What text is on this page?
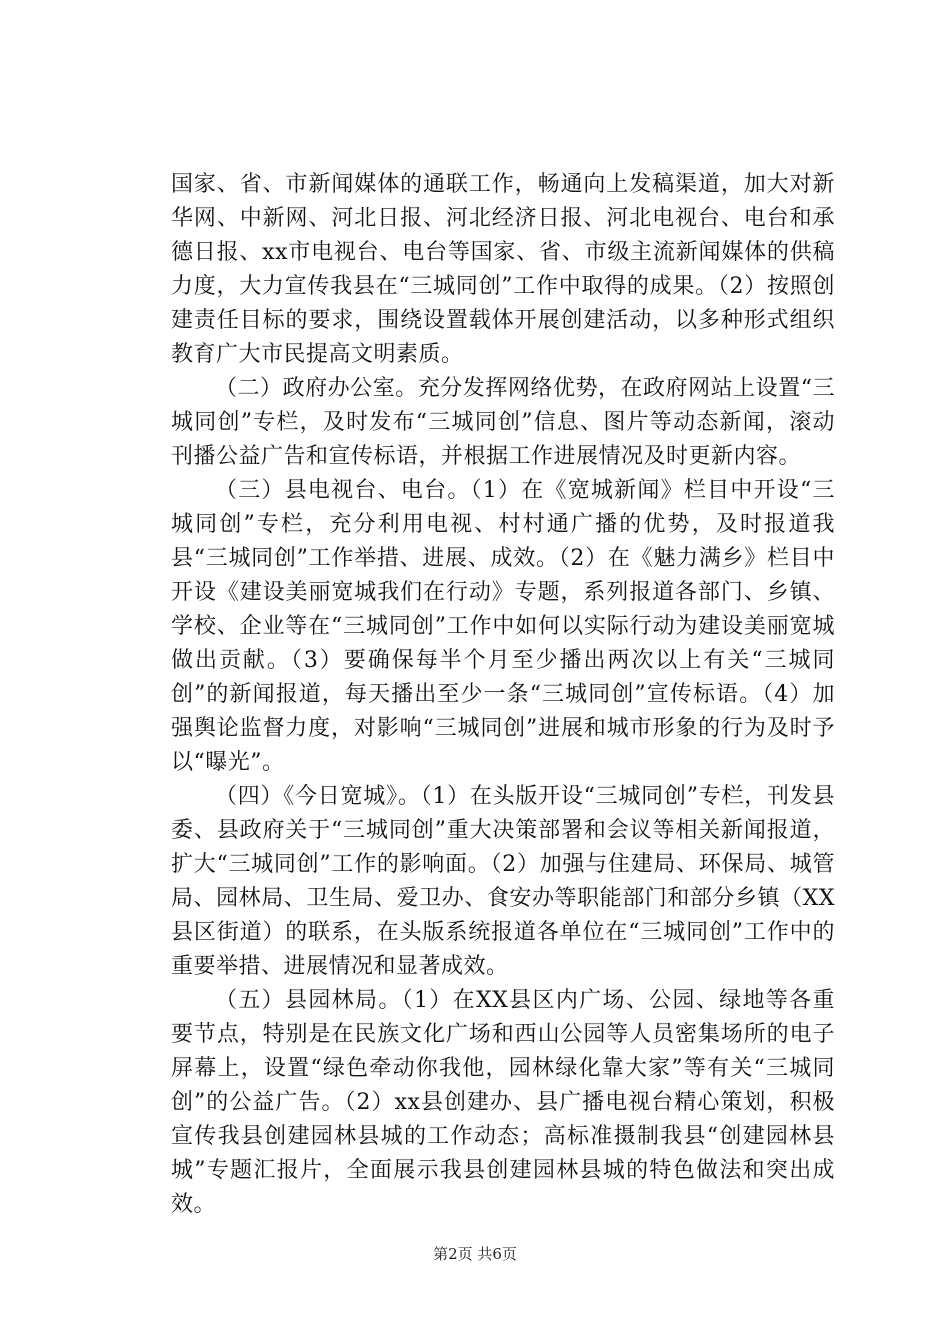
国家、省、市新闻媒体的通联工作，畅通向上发稿渠道，加大对新华网、中新网、河北日报、河北经济日报、河北电视台、电台和承德日报、xx市电视台、电台等国家、省、市级主流新闻媒体的供稿力度，大力宣传我县在“三城同创”工作中取得的成果。（2）按照创建责任目标的要求，围绕设置载体开展创建活动，以多种形式组织教育广大市民提高文明素质。

（二）政府办公室。充分发挥网络优势，在政府网站上设置“三城同创”专栏，及时发布“三城同创”信息、图片等动态新闻，滚动刊播公益广告和宣传标语，并根据工作进展情况及时更新内容。

（三）县电视台、电台。（1）在《宽城新闻》栏目中开设“三城同创”专栏，充分利用电视、村村通广播的优势，及时报道我县“三城同创”工作举措、进展、成效。（2）在《魅力满乡》栏目中开设《建设美丽宽城我们在行动》专题，系列报道各部门、乡镇、学校、企业等在“三城同创”工作中如何以实际行动为建设美丽宽城做出贡献。（3）要确保每半个月至少播出两次以上有关“三城同创”的新闻报道，每天播出至少一条“三城同创”宣传标语。（4）加强舆论监督力度，对影响“三城同创”进展和城市形象的行为及时予以“曝光”。

（四）《今日宽城》。（1）在头版开设“三城同创”专栏，刊发县委、县政府关于“三城同创”重大决策部署和会议等相关新闻报道，扩大“三城同创”工作的影响面。（2）加强与住建局、环保局、城管局、园林局、卫生局、爱卫办、食安办等职能部门和部分乡镇（XX县区街道）的联系，在头版系统报道各单位在“三城同创”工作中的重要举措、进展情况和显著成效。

（五）县园林局。（1）在XX县区内广场、公园、绿地等各重要节点，特别是在民族文化广场和西山公园等人员密集场所的电子屏幕上，设置“绿色牵动你我他，园林绿化靠大家”等有关“三城同创”的公益广告。（2）xx县创建办、县广播电视台精心策划，积极宣传我县创建园林县城的工作动态；高标准摄制我县“创建园林县城”专题汇报片，全面展示我县创建园林县城的特色做法和突出成效。

第2页 共6页
